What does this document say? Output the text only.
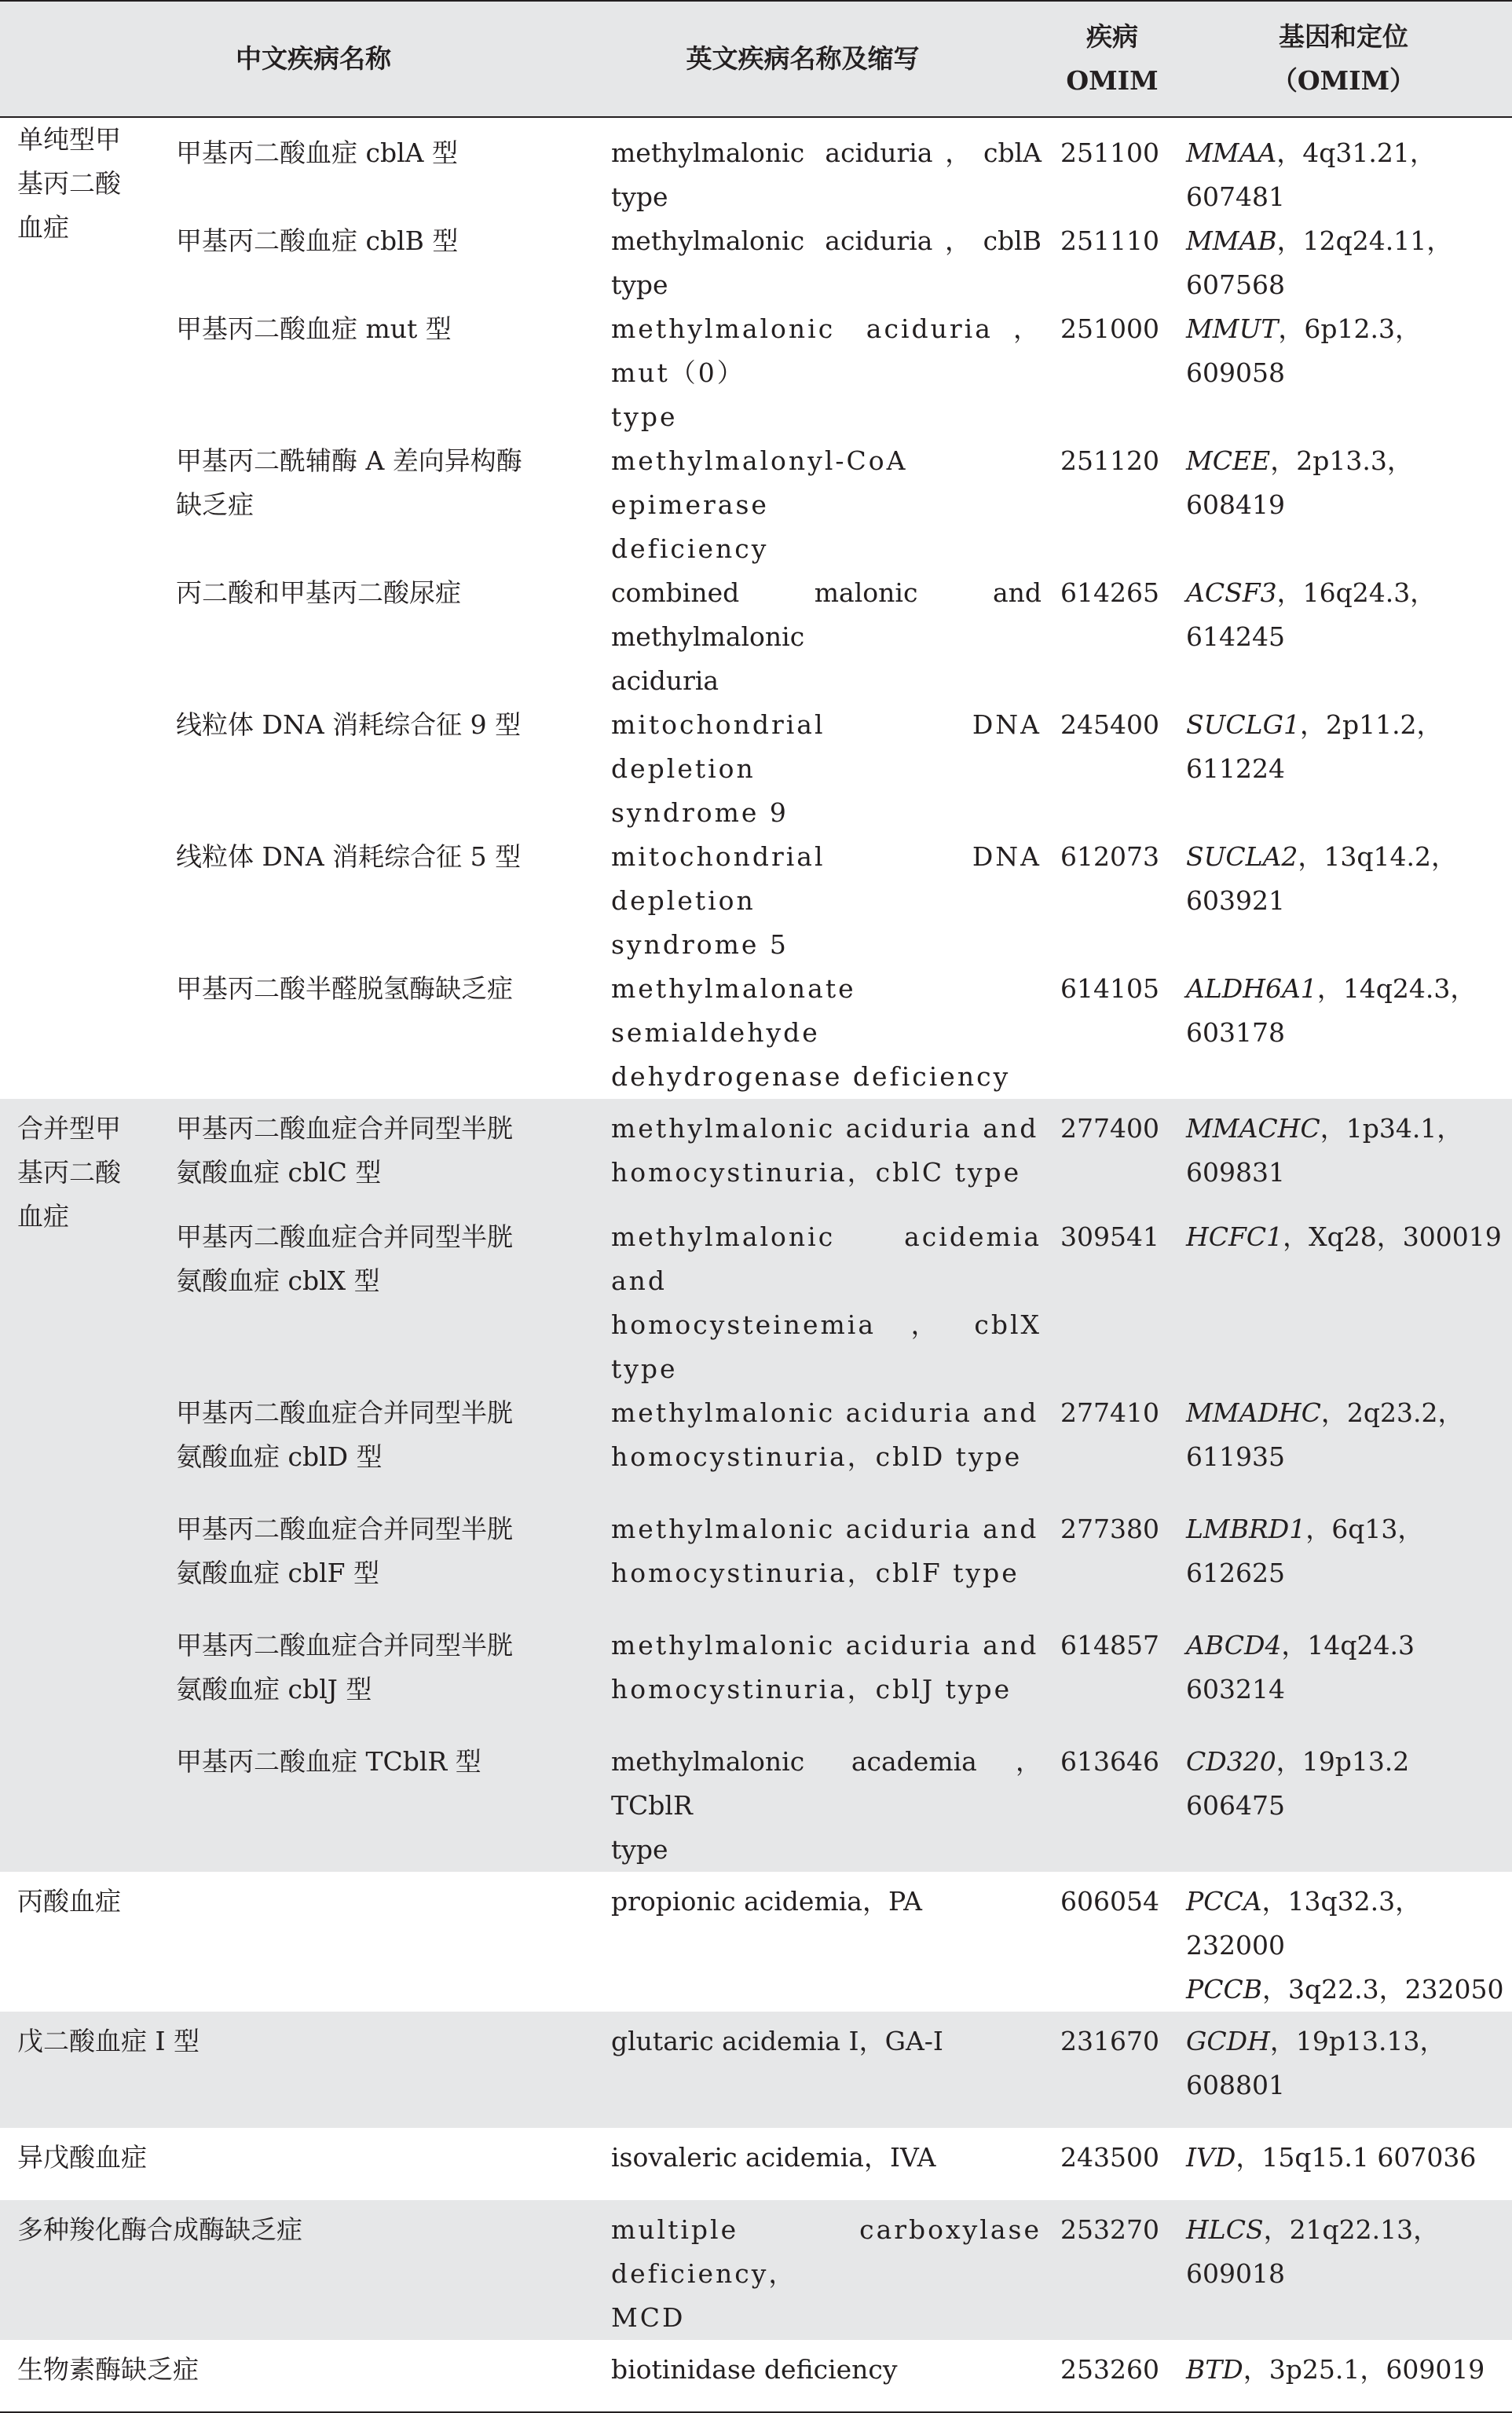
中文疾病名称		英文疾病名称及缩写	疾病
OMIM	基因和定位
（OMIM）

单纯型甲
基丙二酸
血症	甲基丙二酸血症 cblA 型	methylmalonic aciduria，cblA type	251100	MMAA，4q31.21，607481

	甲基丙二酸血症 cblB 型	methylmalonic aciduria，cblB type	251110	MMAB，12q24.11，607568

	甲基丙二酸血症 mut 型	methylmalonic aciduria，mut（0）
type	251000	MMUT，6p12.3，609058

	甲基丙二酰辅酶 A 差向异构酶
缺乏症	methylmalonyl-CoA epimerase
deficiency	251120	MCEE，2p13.3，608419

	丙二酸和甲基丙二酸尿症	combined malonic and methylmalonic
aciduria	614265	ACSF3，16q24.3，614245

	线粒体 DNA 消耗综合征 9 型	mitochondrial DNA depletion
syndrome 9	245400	SUCLG1，2p11.2，611224

	线粒体 DNA 消耗综合征 5 型	mitochondrial DNA depletion
syndrome 5	612073	SUCLA2，13q14.2，603921

	甲基丙二酸半醛脱氢酶缺乏症	methylmalonate semialdehyde
dehydrogenase deficiency	614105	ALDH6A1，14q24.3，
603178

合并型甲
基丙二酸
血症	甲基丙二酸血症合并同型半胱
氨酸血症 cblC 型	methylmalonic aciduria and
homocystinuria，cblC type	277400	MMACHC，1p34.1，
609831

	甲基丙二酸血症合并同型半胱
氨酸血症 cblX 型	methylmalonic acidemia and
homocysteinemia，cblX type	309541	HCFC1，Xq28，300019

	甲基丙二酸血症合并同型半胱
氨酸血症 cblD 型	methylmalonic aciduria and
homocystinuria，cblD type	277410	MMADHC，2q23.2，
611935

	甲基丙二酸血症合并同型半胱
氨酸血症 cblF 型	methylmalonic aciduria and
homocystinuria，cblF type	277380	LMBRD1，6q13，612625

	甲基丙二酸血症合并同型半胱
氨酸血症 cblJ 型	methylmalonic aciduria and
homocystinuria，cblJ type	614857	ABCD4，14q24.3
603214

	甲基丙二酸血症 TCblR 型	methylmalonic academia，TCblR
type	613646	CD320，19p13.2
606475

丙酸血症		propionic acidemia，PA	606054	PCCA，13q32.3，232000
PCCB，3q22.3，232050

戊二酸血症 Ⅰ 型		glutaric acidemia Ⅰ，GA-Ⅰ	231670	GCDH，19p13.13，
608801

异戊酸血症		isovaleric acidemia，IVA	243500	IVD，15q15.1 607036

多种羧化酶合成酶缺乏症		multiple carboxylase deficiency，
MCD	253270	HLCS，21q22.13，609018

生物素酶缺乏症		biotinidase deficiency	253260	BTD，3p25.1，609019
